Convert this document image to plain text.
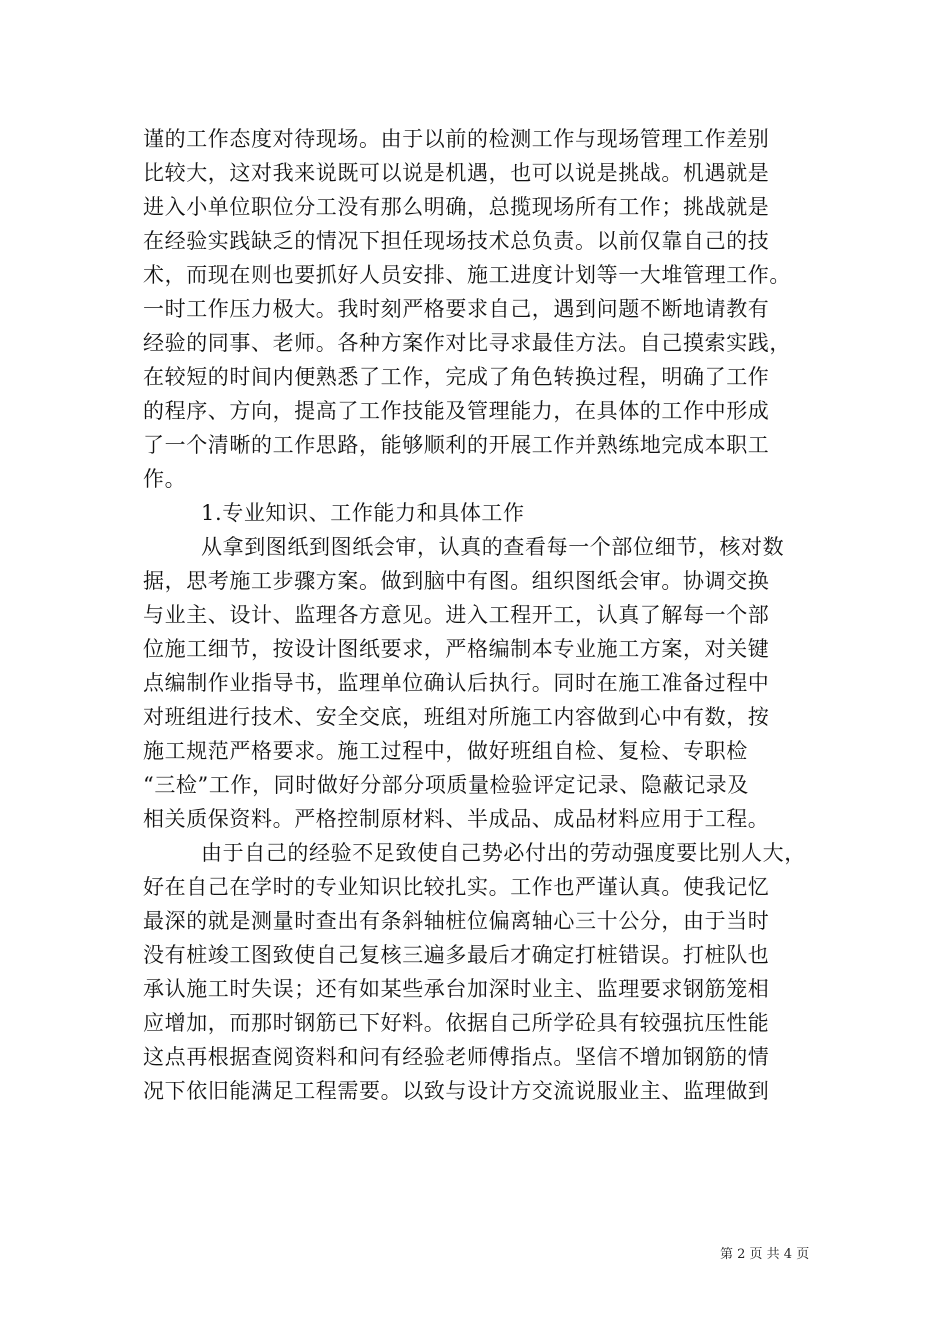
谨的工作态度对待现场。由于以前的检测工作与现场管理工作差别
比较大，这对我来说既可以说是机遇，也可以说是挑战。机遇就是
进入小单位职位分工没有那么明确，总揽现场所有工作；挑战就是
在经验实践缺乏的情况下担任现场技术总负责。以前仅靠自己的技
术，而现在则也要抓好人员安排、施工进度计划等一大堆管理工作。
一时工作压力极大。我时刻严格要求自己，遇到问题不断地请教有
经验的同事、老师。各种方案作对比寻求最佳方法。自己摸索实践，
在较短的时间内便熟悉了工作，完成了角色转换过程，明确了工作
的程序、方向，提高了工作技能及管理能力，在具体的工作中形成
了一个清晰的工作思路，能够顺利的开展工作并熟练地完成本职工
作。
1.专业知识、工作能力和具体工作
从拿到图纸到图纸会审，认真的查看每一个部位细节，核对数
据，思考施工步骤方案。做到脑中有图。组织图纸会审。协调交换
与业主、设计、监理各方意见。进入工程开工，认真了解每一个部
位施工细节，按设计图纸要求，严格编制本专业施工方案，对关键
点编制作业指导书，监理单位确认后执行。同时在施工准备过程中
对班组进行技术、安全交底，班组对所施工内容做到心中有数，按
施工规范严格要求。施工过程中，做好班组自检、复检、专职检
“三检”工作，同时做好分部分项质量检验评定记录、隐蔽记录及
相关质保资料。严格控制原材料、半成品、成品材料应用于工程。
由于自己的经验不足致使自己势必付出的劳动强度要比别人大，
好在自己在学时的专业知识比较扎实。工作也严谨认真。使我记忆
最深的就是测量时查出有条斜轴桩位偏离轴心三十公分，由于当时
没有桩竣工图致使自己复核三遍多最后才确定打桩错误。打桩队也
承认施工时失误；还有如某些承台加深时业主、监理要求钢筋笼相
应增加，而那时钢筋已下好料。依据自己所学砼具有较强抗压性能
这点再根据查阅资料和问有经验老师傅指点。坚信不增加钢筋的情
况下依旧能满足工程需要。以致与设计方交流说服业主、监理做到
第 2 页 共 4 页
